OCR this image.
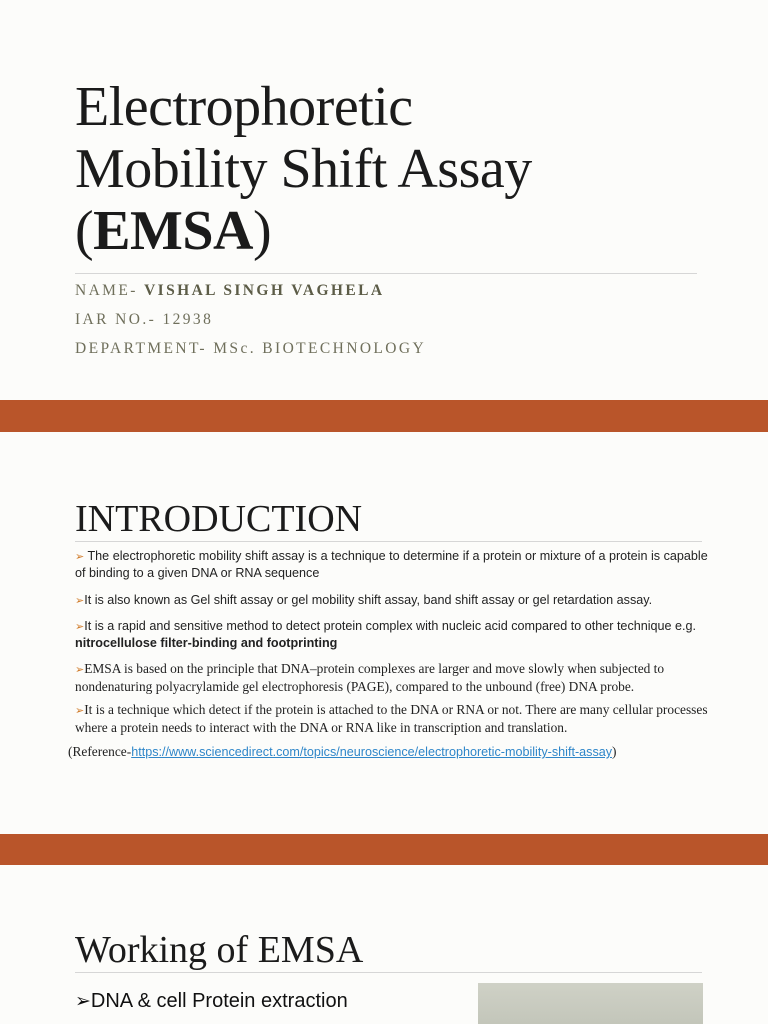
Electrophoretic
Mobility Shift Assay
(EMSA)
NAME- VISHAL SINGH VAGHELA
IAR NO.- 12938
DEPARTMENT- MSc. BIOTECHNOLOGY
INTRODUCTION
➢ The electrophoretic mobility shift assay is a technique to determine if a protein or mixture of a protein is capable of binding to a given DNA or RNA sequence
➢It is also known as Gel shift assay or gel mobility shift assay, band shift assay or gel retardation assay.
➢It is a rapid and sensitive method to detect protein complex with nucleic acid compared to other technique e.g. nitrocellulose filter-binding and footprinting
➢EMSA is based on the principle that DNA–protein complexes are larger and move slowly when subjected to nondenaturing polyacrylamide gel electrophoresis (PAGE), compared to the unbound (free) DNA probe.
➢It is a technique which detect if the protein is attached to the DNA or RNA or not. There are many cellular processes where a protein needs to interact with the DNA or RNA like in transcription and translation.
(Reference-https://www.sciencedirect.com/topics/neuroscience/electrophoretic-mobility-shift-assay)
Working of EMSA
➢DNA & cell Protein extraction
